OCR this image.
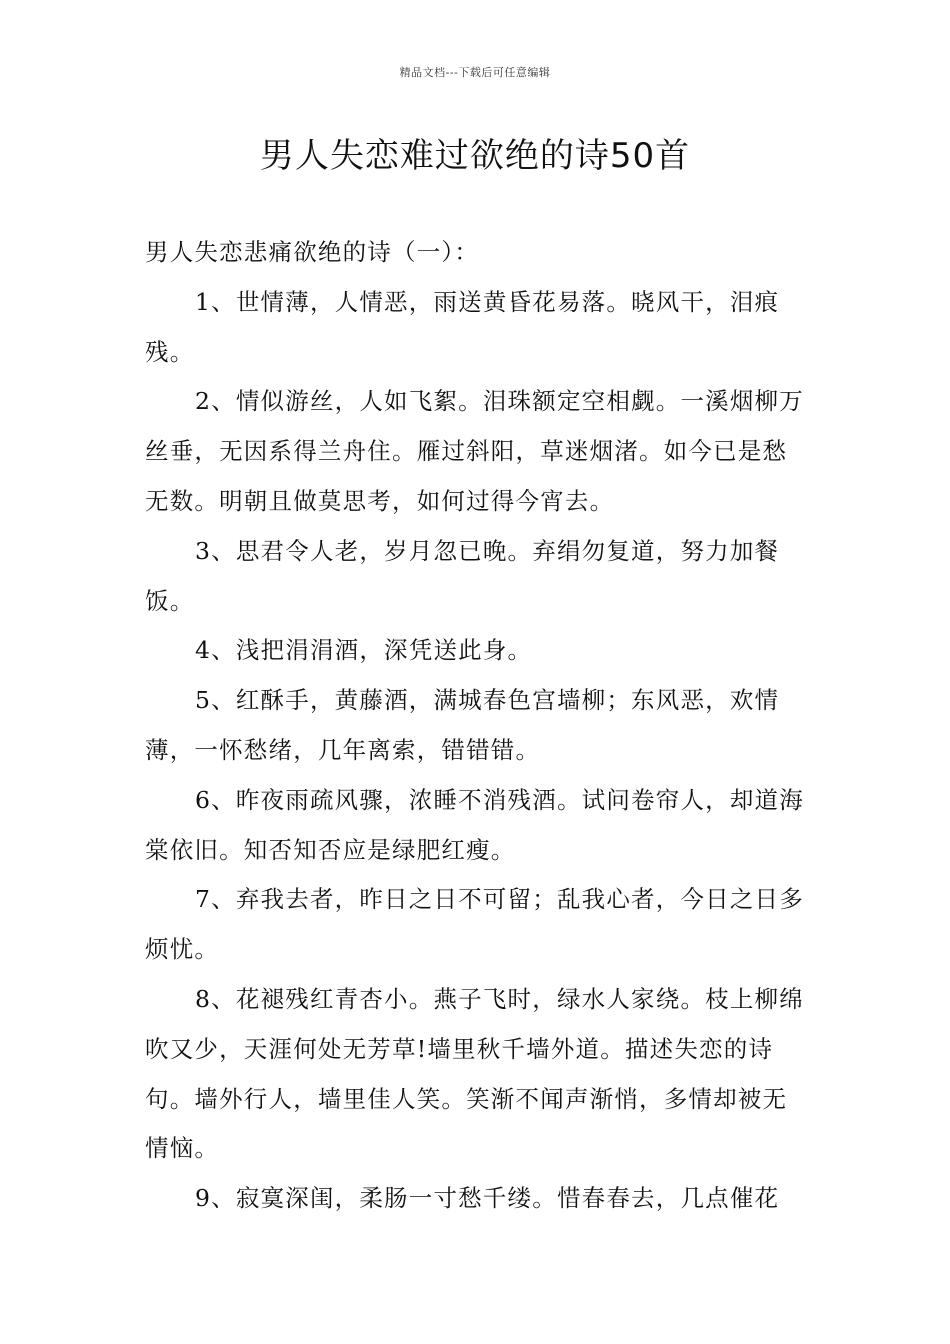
精品文档---下载后可任意编辑
男人失恋难过欲绝的诗50首

男人失恋悲痛欲绝的诗（一）：

1、世情薄，人情恶，雨送黄昏花易落。晓风干，泪痕残。

2、情似游丝，人如飞絮。泪珠额定空相觑。一溪烟柳万丝垂，无因系得兰舟住。雁过斜阳，草迷烟渚。如今已是愁无数。明朝且做莫思考，如何过得今宵去。

3、思君令人老，岁月忽已晚。弃绢勿复道，努力加餐饭。

4、浅把涓涓酒，深凭送此身。

5、红酥手，黄藤酒，满城春色宫墙柳；东风恶，欢情薄，一怀愁绪，几年离索，错错错。

6、昨夜雨疏风骤，浓睡不消残酒。试问卷帘人，却道海棠依旧。知否知否应是绿肥红瘦。

7、弃我去者，昨日之日不可留；乱我心者，今日之日多烦忧。

8、花褪残红青杏小。燕子飞时，绿水人家绕。枝上柳绵吹又少，天涯何处无芳草!墙里秋千墙外道。描述失恋的诗句。墙外行人，墙里佳人笑。笑渐不闻声渐悄，多情却被无情恼。

9、寂寞深闺，柔肠一寸愁千缕。惜春春去，几点催花
